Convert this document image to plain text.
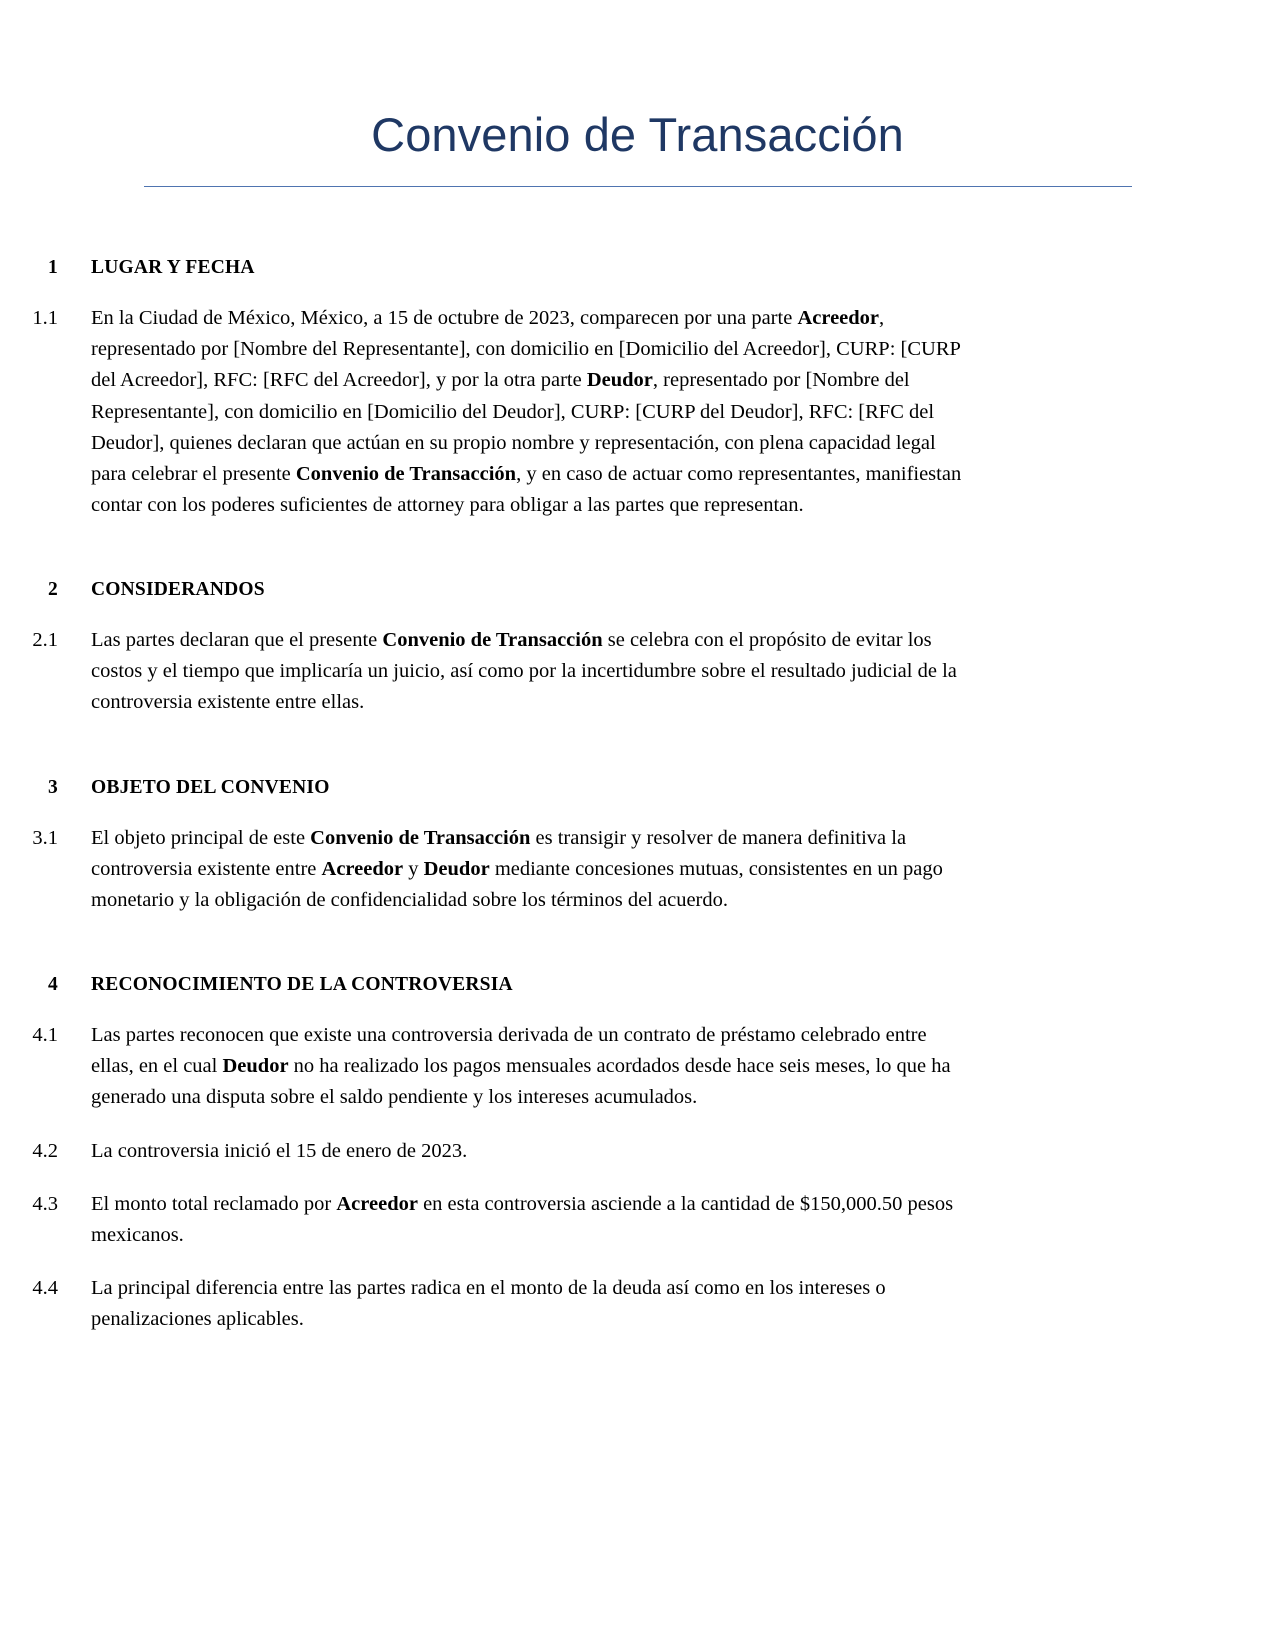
Convenio de Transacción
1	LUGAR Y FECHA
1.1	En la Ciudad de México, México, a 15 de octubre de 2023, comparecen por una parte Acreedor, representado por [Nombre del Representante], con domicilio en [Domicilio del Acreedor], CURP: [CURP del Acreedor], RFC: [RFC del Acreedor], y por la otra parte Deudor, representado por [Nombre del Representante], con domicilio en [Domicilio del Deudor], CURP: [CURP del Deudor], RFC: [RFC del Deudor], quienes declaran que actúan en su propio nombre y representación, con plena capacidad legal para celebrar el presente Convenio de Transacción, y en caso de actuar como representantes, manifiestan contar con los poderes suficientes de attorney para obligar a las partes que representan.
2	CONSIDERANDOS
2.1	Las partes declaran que el presente Convenio de Transacción se celebra con el propósito de evitar los costos y el tiempo que implicaría un juicio, así como por la incertidumbre sobre el resultado judicial de la controversia existente entre ellas.
3	OBJETO DEL CONVENIO
3.1	El objeto principal de este Convenio de Transacción es transigir y resolver de manera definitiva la controversia existente entre Acreedor y Deudor mediante concesiones mutuas, consistentes en un pago monetario y la obligación de confidencialidad sobre los términos del acuerdo.
4	RECONOCIMIENTO DE LA CONTROVERSIA
4.1	Las partes reconocen que existe una controversia derivada de un contrato de préstamo celebrado entre ellas, en el cual Deudor no ha realizado los pagos mensuales acordados desde hace seis meses, lo que ha generado una disputa sobre el saldo pendiente y los intereses acumulados.
4.2	La controversia inició el 15 de enero de 2023.
4.3	El monto total reclamado por Acreedor en esta controversia asciende a la cantidad de $150,000.50 pesos mexicanos.
4.4	La principal diferencia entre las partes radica en el monto de la deuda así como en los intereses o penalizaciones aplicables.
